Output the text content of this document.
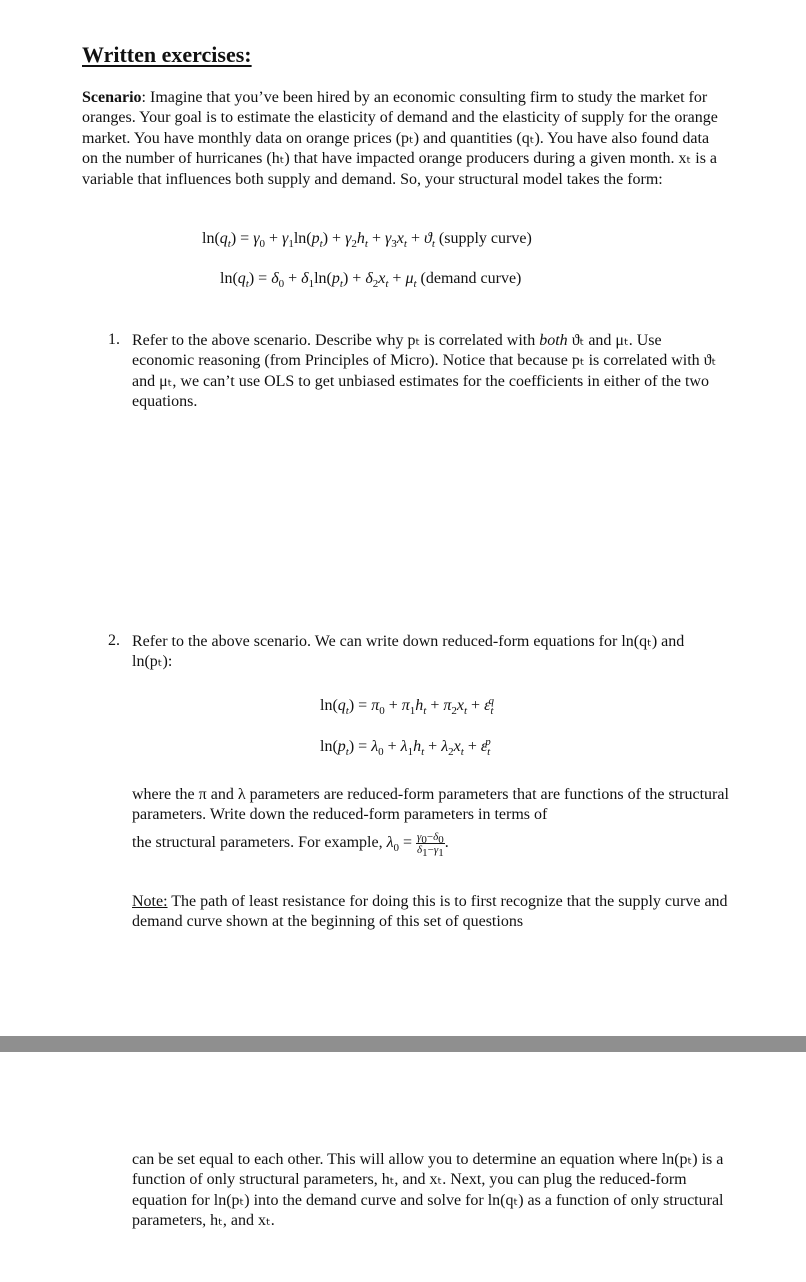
Written exercises:

Scenario: Imagine that you’ve been hired by an economic consulting firm to study the market for oranges. Your goal is to estimate the elasticity of demand and the elasticity of supply for the orange market. You have monthly data on orange prices (pₜ) and quantities (qₜ). You have also found data on the number of hurricanes (hₜ) that have impacted orange producers during a given month. xₜ is a variable that influences both supply and demand. So, your structural model takes the form:

$\ln(q_t) = \gamma_0 + \gamma_1\ln(p_t) + \gamma_2h_t + \gamma_3x_t + ϑ_t$ (supply curve)
$\ln(q_t) = \delta_0 + \delta_1\ln(p_t) + \delta_2x_t + \mu_t$ (demand curve)
1. Refer to the above scenario. Describe why pₜ is correlated with both ϑₜ and μₜ. Use economic reasoning (from Principles of Micro). Notice that because pₜ is correlated with ϑₜ and μₜ, we can’t use OLS to get unbiased estimates for the coefficients in either of the two equations.

2. Refer to the above scenario. We can write down reduced-form equations for ln(qₜ) and ln(pₜ):

$\ln(q_t) = \pi_0 + \pi_1h_t + \pi_2x_t + \varepsilon_t^q$
$\ln(p_t) = \lambda_0 + \lambda_1h_t + \lambda_2x_t + \varepsilon_t^p$

where the π and λ parameters are reduced-form parameters that are functions of the structural parameters. Write down the reduced-form parameters in terms of

the structural parameters. For example, $\lambda_0 = \frac{\gamma_0-\delta_0}{\delta_1-\gamma_1}$ .

Note: The path of least resistance for doing this is to first recognize that the supply curve and demand curve shown at the beginning of this set of questions

can be set equal to each other. This will allow you to determine an equation where ln(pₜ) is a function of only structural parameters, hₜ, and xₜ. Next, you can plug the reduced-form equation for ln(pₜ) into the demand curve and solve for ln(qₜ) as a function of only structural parameters, hₜ, and xₜ.
